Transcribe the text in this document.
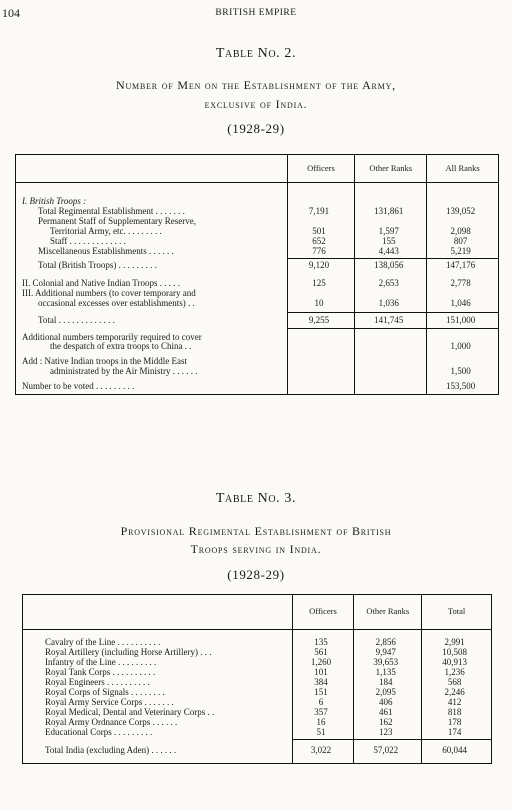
104	BRITISH EMPIRE
Table No. 2.
Number of Men on the Establishment of the Army,
exclusive of India.
(1928-29)
	Officers	Other Ranks	All Ranks

I. British Troops :			

Total Regimental Establishment . . . . . . .	7,191	131,861	139,052

Permanent Staff of Supplementary Reserve,			

Territorial Army, etc. . . . . . . . .	501	1,597	2,098

Staff . . . . . . . . . . . . .	652	155	807

Miscellaneous Establishments . . . . . .	776	4,443	5,219

Total (British Troops) . . . . . . . . .	9,120	138,056	147,176

II. Colonial and Native Indian Troops . . . . .	125	2,653	2,778

III. Additional numbers (to cover temporary and			

occasional excesses over establishments) . .	10	1,036	1,046

Total . . . . . . . . . . . . .	9,255	141,745	151,000

Additional numbers temporarily required to cover			

the despatch of extra troops to China . .			1,000

Add : Native Indian troops in the Middle East			

administrated by the Air Ministry . . . . . .			1,500

Number to be voted . . . . . . . . .			153,500
Table No. 3.
Provisional Regimental Establishment of British
Troops serving in India.
(1928-29)
	Officers	Other Ranks	Total

Cavalry of the Line . . . . . . . . . .	135	2,856	2,991

Royal Artillery (including Horse Artillery) . . .	561	9,947	10,508

Infantry of the Line . . . . . . . . .	1,260	39,653	40,913

Royal Tank Corps . . . . . . . . . .	101	1,135	1,236

Royal Engineers . . . . . . . . . .	384	184	568

Royal Corps of Signals . . . . . . . .	151	2,095	2,246

Royal Army Service Corps . . . . . . .	6	406	412

Royal Medical, Dental and Veterinary Corps . .	357	461	818

Royal Army Ordnance Corps . . . . . .	16	162	178

Educational Corps . . . . . . . . .	51	123	174

Total India (excluding Aden) . . . . . .	3,022	57,022	60,044
